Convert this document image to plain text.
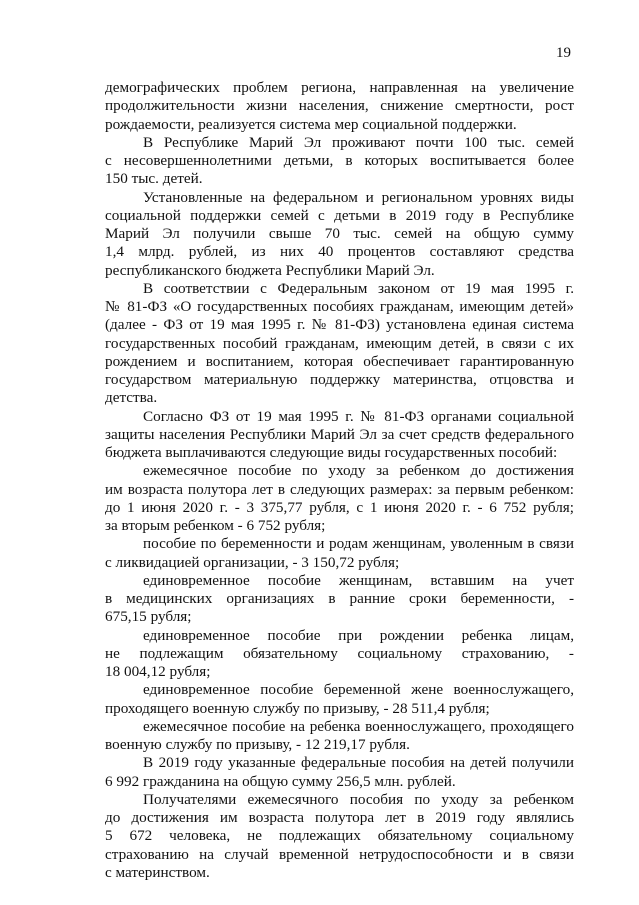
19

демографических проблем региона, направленная на увеличение
продолжительности жизни населения, снижение смертности, рост
рождаемости, реализуется система мер социальной поддержки.

В Республике Марий Эл проживают почти 100 тыс. семей
с несовершеннолетними детьми, в которых воспитывается более
150 тыс. детей.

Установленные на федеральном и региональном уровнях виды
социальной поддержки семей с детьми в 2019 году в Республике
Марий Эл получили свыше 70 тыс. семей на общую сумму
1,4 млрд. рублей, из них 40 процентов составляют средства
республиканского бюджета Республики Марий Эл.

В соответствии с Федеральным законом от 19 мая 1995 г.
№ 81-ФЗ «О государственных пособиях гражданам, имеющим детей»
(далее - ФЗ от 19 мая 1995 г. № 81-ФЗ) установлена единая система
государственных пособий гражданам, имеющим детей, в связи с их
рождением и воспитанием, которая обеспечивает гарантированную
государством материальную поддержку материнства, отцовства и
детства.

Согласно ФЗ от 19 мая 1995 г. № 81-ФЗ органами социальной
защиты населения Республики Марий Эл за счет средств федерального
бюджета выплачиваются следующие виды государственных пособий:

ежемесячное пособие по уходу за ребенком до достижения
им возраста полутора лет в следующих размерах: за первым ребенком:
до 1 июня 2020 г. - 3 375,77 рубля, с 1 июня 2020 г. - 6 752 рубля;
за вторым ребенком - 6 752 рубля;

пособие по беременности и родам женщинам, уволенным в связи
с ликвидацией организации, - 3 150,72 рубля;

единовременное пособие женщинам, вставшим на учет
в медицинских организациях в ранние сроки беременности, -
675,15 рубля;

единовременное пособие при рождении ребенка лицам,
не подлежащим обязательному социальному страхованию, -
18 004,12 рубля;

единовременное пособие беременной жене военнослужащего,
проходящего военную службу по призыву, - 28 511,4 рубля;

ежемесячное пособие на ребенка военнослужащего, проходящего
военную службу по призыву, - 12 219,17 рубля.

В 2019 году указанные федеральные пособия на детей получили
6 992 гражданина на общую сумму 256,5 млн. рублей.

Получателями ежемесячного пособия по уходу за ребенком
до достижения им возраста полутора лет в 2019 году являлись
5 672 человека, не подлежащих обязательному социальному
страхованию на случай временной нетрудоспособности и в связи
с материнством.
